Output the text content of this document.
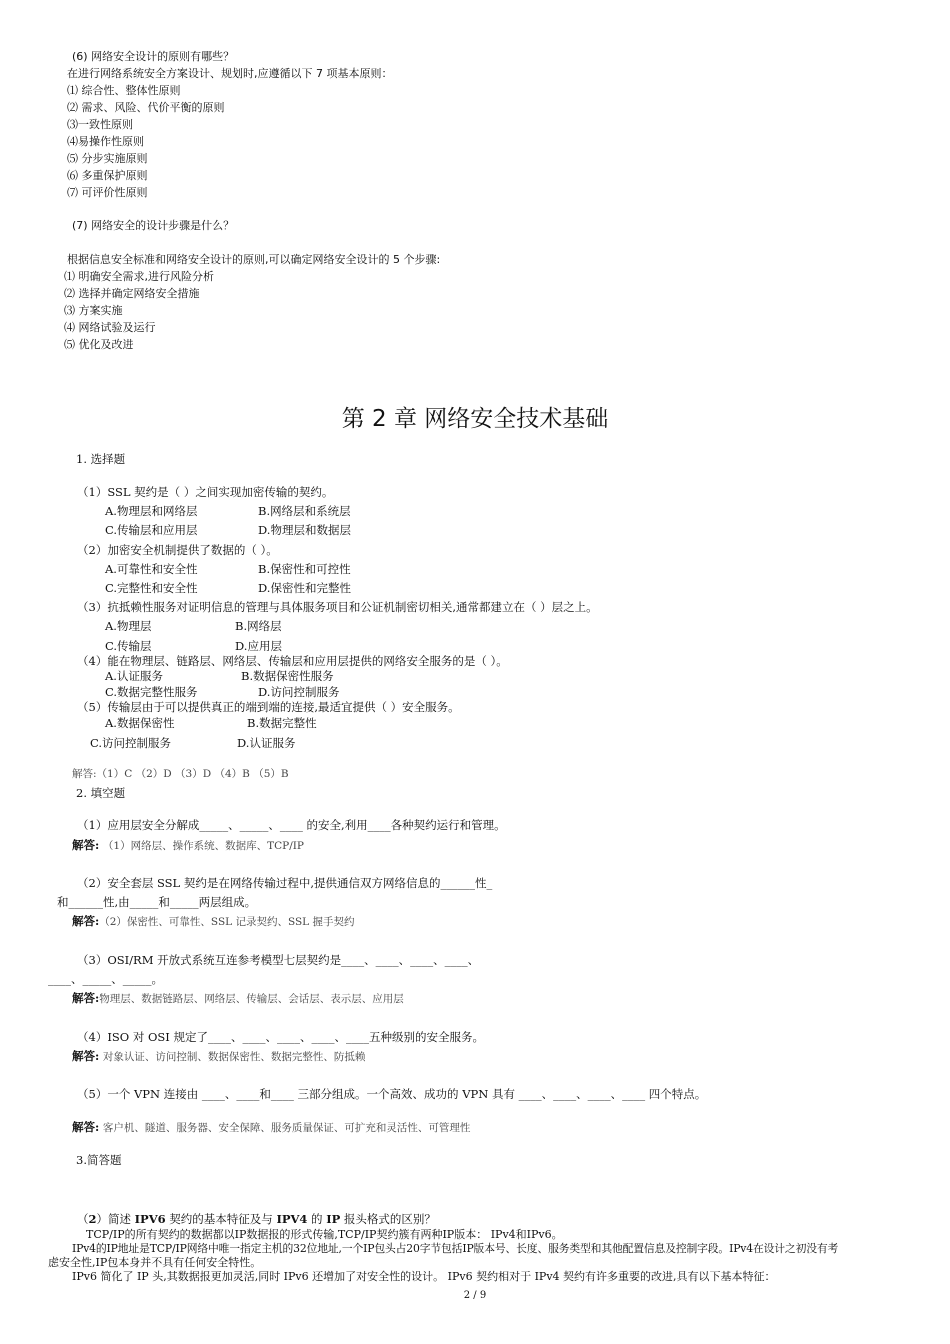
(6) 网络安全设计的原则有哪些？
在进行网络系统安全方案设计、规划时,应遵循以下 7 项基本原则：
⑴ 综合性、整体性原则
⑵ 需求、风险、代价平衡的原则
⑶一致性原则
⑷易操作性原则
⑸ 分步实施原则
⑹ 多重保护原则
⑺ 可评价性原则
(7) 网络安全的设计步骤是什么？
根据信息安全标准和网络安全设计的原则,可以确定网络安全设计的 5 个步骤:
⑴ 明确安全需求,进行风险分析
⑵ 选择并确定网络安全措施
⑶ 方案实施
⑷ 网络试验及运行
⑸ 优化及改进
第 2 章 网络安全技术基础
1. 选择题
（1）SSL 契约是（ ）之间实现加密传输的契约。
A.物理层和网络层	B.网络层和系统层
C.传输层和应用层	D.物理层和数据层
（2）加密安全机制提供了数据的（ ）。
A.可靠性和安全性	B.保密性和可控性
C.完整性和安全性	D.保密性和完整性
（3）抗抵赖性服务对证明信息的管理与具体服务项目和公证机制密切相关,通常都建立在（ ）层之上。
A.物理层	B.网络层
C.传输层	D.应用层
（4）能在物理层、链路层、网络层、传输层和应用层提供的网络安全服务的是（ ）。
A.认证服务	B.数据保密性服务
C.数据完整性服务	D.访问控制服务
（5）传输层由于可以提供真正的端到端的连接,最适宜提供（ ）安全服务。
A.数据保密性	B.数据完整性
C.访问控制服务	D.认证服务
解答:（1）C （2）D （3）D （4）B （5）B
2. 填空题
（1）应用层安全分解成_____、_____、____ 的安全,利用____各种契约运行和管理。
解答: （1）网络层、操作系统、数据库、TCP/IP
（2）安全套层 SSL 契约是在网络传输过程中,提供通信双方网络信息的______性_
和______性,由_____和_____两层组成。
解答:（2）保密性、可靠性、SSL 记录契约、SSL 握手契约
（3）OSI/RM 开放式系统互连参考模型七层契约是____、____、____、____、
____、_____、_____。
解答:物理层、数据链路层、网络层、传输层、会话层、表示层、应用层
（4）ISO 对 OSI 规定了____、____、____、____、____五种级别的安全服务。
解答: 对象认证、访问控制、数据保密性、数据完整性、防抵赖
（5）一个 VPN 连接由 ____、____和____ 三部分组成。一个高效、成功的 VPN 具有 ____、____、____、____ 四个特点。
解答: 客户机、隧道、服务器、安全保障、服务质量保证、可扩充和灵活性、可管理性
3.简答题
（2）简述 IPV6 契约的基本特征及与 IPV4 的 IP 报头格式的区别？
TCP/IP的所有契约的数据都以IP数据报的形式传输,TCP/IP契约簇有两种IP版本： IPv4和IPv6。
IPv4的IP地址是TCP/IP网络中唯一指定主机的32位地址,一个IP包头占20字节包括IP版本号、长度、服务类型和其他配置信息及控制字段。IPv4在设计之初没有考
虑安全性,IP包本身并不具有任何安全特性。
IPv6 简化了 IP 头,其数据报更加灵活,同时 IPv6 还增加了对安全性的设计。 IPv6 契约相对于 IPv4 契约有许多重要的改进,具有以下基本特征：
2 / 9
